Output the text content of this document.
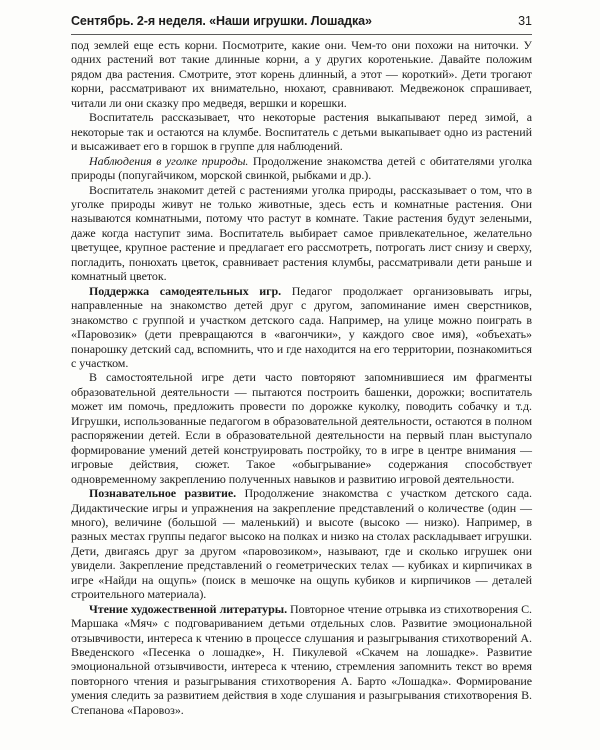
Сентябрь. 2-я неделя. «Наши игрушки. Лошадка»	31

под землей еще есть корни. Посмотрите, какие они. Чем-то они похожи на ниточки. У одних растений вот такие длинные корни, а у других коротенькие. Давайте положим рядом два растения. Смотрите, этот корень длинный, а этот — короткий». Дети трогают корни, рассматривают их внимательно, нюхают, сравнивают. Медвежонок спрашивает, читали ли они сказку про медведя, вершки и корешки.

Воспитатель рассказывает, что некоторые растения выкапывают перед зимой, а некоторые так и остаются на клумбе. Воспитатель с детьми выкапывает одно из растений и высаживает его в горшок в группе для наблюдений.

Наблюдения в уголке природы. Продолжение знакомства детей с обитателями уголка природы (попугайчиком, морской свинкой, рыбками и др.).

Воспитатель знакомит детей с растениями уголка природы, рассказывает о том, что в уголке природы живут не только животные, здесь есть и комнатные растения. Они называются комнатными, потому что растут в комнате. Такие растения будут зелеными, даже когда наступит зима. Воспитатель выбирает самое привлекательное, желательно цветущее, крупное растение и предлагает его рассмотреть, потрогать лист снизу и сверху, погладить, понюхать цветок, сравнивает растения клумбы, рассматривали дети раньше и комнатный цветок.

Поддержка самодеятельных игр. Педагог продолжает организовывать игры, направленные на знакомство детей друг с другом, запоминание имен сверстников, знакомство с группой и участком детского сада. Например, на улице можно поиграть в «Паровозик» (дети превращаются в «вагончики», у каждого свое имя), «объехать» понарошку детский сад, вспомнить, что и где находится на его территории, познакомиться с участком.

В самостоятельной игре дети часто повторяют запомнившиеся им фрагменты образовательной деятельности — пытаются построить башенки, дорожки; воспитатель может им помочь, предложить провести по дорожке куколку, поводить собачку и т.д. Игрушки, использованные педагогом в образовательной деятельности, остаются в полном распоряжении детей. Если в образовательной деятельности на первый план выступало формирование умений детей конструировать постройку, то в игре в центре внимания — игровые действия, сюжет. Такое «обыгрывание» содержания способствует одновременному закреплению полученных навыков и развитию игровой деятельности.

Познавательное развитие. Продолжение знакомства с участком детского сада. Дидактические игры и упражнения на закрепление представлений о количестве (один — много), величине (большой — маленький) и высоте (высоко — низко). Например, в разных местах группы педагог высоко на полках и низко на столах раскладывает игрушки. Дети, двигаясь друг за другом «паровозиком», называют, где и сколько игрушек они увидели. Закрепление представлений о геометрических телах — кубиках и кирпичиках в игре «Найди на ощупь» (поиск в мешочке на ощупь кубиков и кирпичиков — деталей строительного материала).

Чтение художественной литературы. Повторное чтение отрывка из стихотворения С. Маршака «Мяч» с подговариванием детьми отдельных слов. Развитие эмоциональной отзывчивости, интереса к чтению в процессе слушания и разыгрывания стихотворений А. Введенского «Песенка о лошадке», Н. Пикулевой «Скачем на лошадке». Развитие эмоциональной отзывчивости, интереса к чтению, стремления запомнить текст во время повторного чтения и разыгрывания стихотворения А. Барто «Лошадка». Формирование умения следить за развитием действия в ходе слушания и разыгрывания стихотворения В. Степанова «Паровоз».
